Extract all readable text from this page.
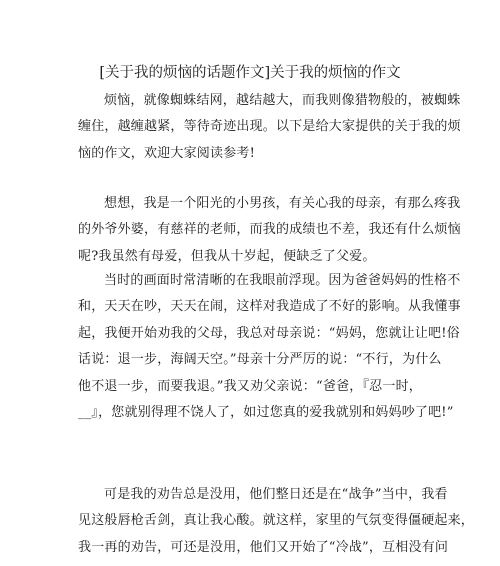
[关于我的烦恼的话题作文]关于我的烦恼的作文
烦恼，就像蜘蛛结网，越结越大，而我则像猎物般的，被蜘蛛
缠住，越缠越紧，等待奇迹出现。以下是给大家提供的关于我的烦
恼的作文，欢迎大家阅读参考!
想想，我是一个阳光的小男孩，有关心我的母亲，有那么疼我
的外爷外婆，有慈祥的老师，而我的成绩也不差，我还有什么烦恼
呢?我虽然有母爱，但我从十岁起，便缺乏了父爱。
当时的画面时常清晰的在我眼前浮现。因为爸爸妈妈的性格不
和，天天在吵，天天在闹，这样对我造成了不好的影响。从我懂事
起，我便开始劝我的父母，我总对母亲说：“妈妈，您就让让吧!俗
话说：退一步，海阔天空。”母亲十分严厉的说：“不行，为什么
他不退一步，而要我退。”我又劝父亲说：“爸爸，『忍一时，
__』，您就别得理不饶人了，如过您真的爱我就别和妈妈吵了吧!”
可是我的劝告总是没用，他们整日还是在“战争”当中，我看
见这般唇枪舌剑，真让我心酸。就这样，家里的气氛变得僵硬起来，
我一再的劝告，可还是没用，他们又开始了“冷战”，互相没有问
